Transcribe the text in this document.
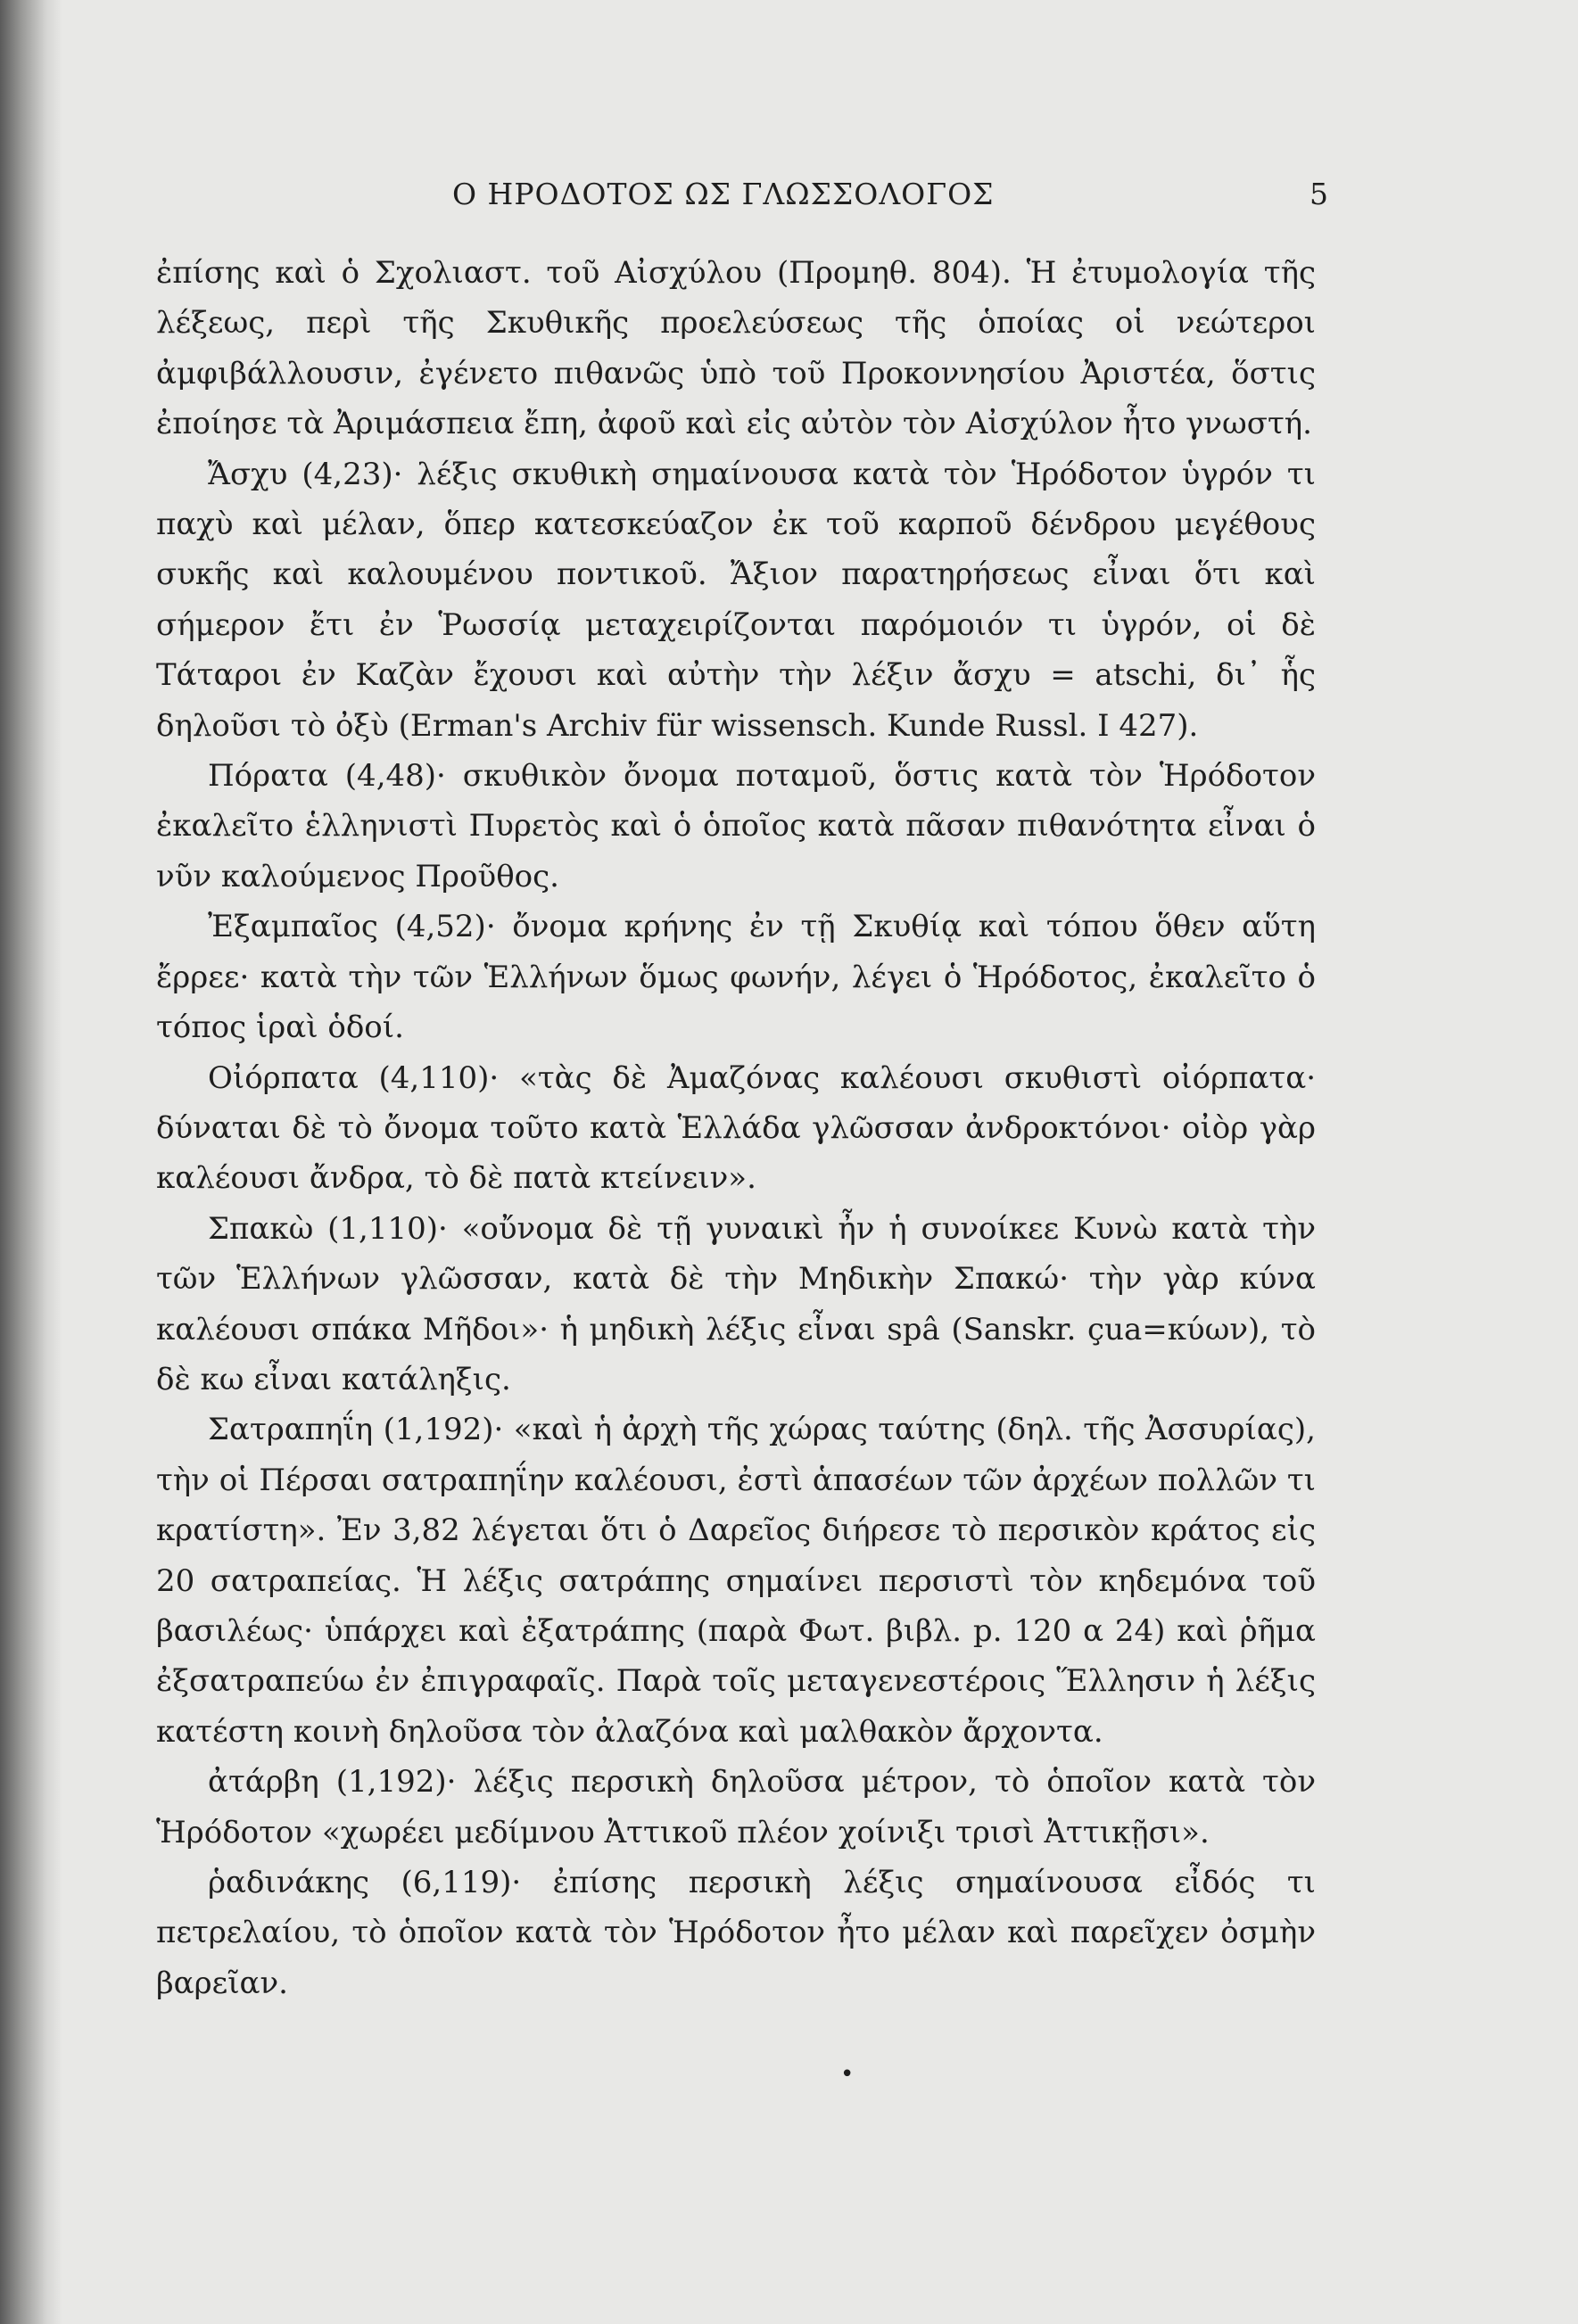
Ο ΗΡΟΔΟΤΟΣ ΩΣ ΓΛΩΣΣΟΛΟΓΟΣ	5

ἐπίσης καὶ ὁ Σχολιαστ. τοῦ Αἰσχύλου (Προμηθ. 804). Ἡ ἐτυμολογία τῆς λέξεως, περὶ τῆς Σκυθικῆς προελεύσεως τῆς ὁποίας οἱ νεώτεροι ἀμφιβάλλουσιν, ἐγένετο πιθανῶς ὑπὸ τοῦ Προκοννησίου Ἀριστέα, ὅστις ἐποίησε τὰ Ἀριμάσπεια ἔπη, ἀφοῦ καὶ εἰς αὐτὸν τὸν Αἰσχύλον ἦτο γνωστή.

Ἄσχυ (4,23)· λέξις σκυθικὴ σημαίνουσα κατὰ τὸν Ἡρόδοτον ὑγρόν τι παχὺ καὶ μέλαν, ὅπερ κατεσκεύαζον ἐκ τοῦ καρποῦ δένδρου μεγέθους συκῆς καὶ καλουμένου ποντικοῦ. Ἄξιον παρατηρήσεως εἶναι ὅτι καὶ σήμερον ἔτι ἐν Ῥωσσίᾳ μεταχειρίζονται παρόμοιόν τι ὑγρόν, οἱ δὲ Τάταροι ἐν Καζὰν ἔχουσι καὶ αὐτὴν τὴν λέξιν ἄσχυ = atschi, δι᾽ ἧς δηλοῦσι τὸ ὀξὺ (Erman's Archiv für wissensch. Kunde Russl. I 427).

Πόρατα (4,48)· σκυθικὸν ὄνομα ποταμοῦ, ὅστις κατὰ τὸν Ἡρόδοτον ἐκαλεῖτο ἑλληνιστὶ Πυρετὸς καὶ ὁ ὁποῖος κατὰ πᾶσαν πιθανότητα εἶναι ὁ νῦν καλούμενος Προῦθος.

Ἐξαμπαῖος (4,52)· ὄνομα κρήνης ἐν τῇ Σκυθίᾳ καὶ τόπου ὅθεν αὕτη ἔρρεε· κατὰ τὴν τῶν Ἑλλήνων ὅμως φωνήν, λέγει ὁ Ἡρόδοτος, ἐκαλεῖτο ὁ τόπος ἱραὶ ὁδοί.

Οἰόρπατα (4,110)· «τὰς δὲ Ἀμαζόνας καλέουσι σκυθιστὶ οἰόρπατα· δύναται δὲ τὸ ὄνομα τοῦτο κατὰ Ἑλλάδα γλῶσσαν ἀνδροκτόνοι· οἰὸρ γὰρ καλέουσι ἄνδρα, τὸ δὲ πατὰ κτείνειν».

Σπακὼ (1,110)· «οὔνομα δὲ τῇ γυναικὶ ἦν ἡ συνοίκεε Κυνὼ κατὰ τὴν τῶν Ἑλλήνων γλῶσσαν, κατὰ δὲ τὴν Μηδικὴν Σπακώ· τὴν γὰρ κύνα καλέουσι σπάκα Μῆδοι»· ἡ μηδικὴ λέξις εἶναι spâ (Sanskr. çua=κύων), τὸ δὲ κω εἶναι κατάληξις.

Σατραπηΐη (1,192)· «καὶ ἡ ἀρχὴ τῆς χώρας ταύτης (δηλ. τῆς Ἀσσυρίας), τὴν οἱ Πέρσαι σατραπηΐην καλέουσι, ἐστὶ ἁπασέων τῶν ἀρχέων πολλῶν τι κρατίστη». Ἐν 3,82 λέγεται ὅτι ὁ Δαρεῖος διήρεσε τὸ περσικὸν κράτος εἰς 20 σατραπείας. Ἡ λέξις σατράπης σημαίνει περσιστὶ τὸν κηδεμόνα τοῦ βασιλέως· ὑπάρχει καὶ ἐξατράπης (παρὰ Φωτ. βιβλ. p. 120 α 24) καὶ ῥῆμα ἐξσατραπεύω ἐν ἐπιγραφαῖς. Παρὰ τοῖς μεταγενεστέροις Ἕλλησιν ἡ λέξις κατέστη κοινὴ δηλοῦσα τὸν ἀλαζόνα καὶ μαλθακὸν ἄρχοντα.

ἀτάρβη (1,192)· λέξις περσικὴ δηλοῦσα μέτρον, τὸ ὁποῖον κατὰ τὸν Ἡρόδοτον «χωρέει μεδίμνου Ἀττικοῦ πλέον χοίνιξι τρισὶ Ἀττικῇσι».

ῥαδινάκης (6,119)· ἐπίσης περσικὴ λέξις σημαίνουσα εἶδός τι πετρελαίου, τὸ ὁποῖον κατὰ τὸν Ἡρόδοτον ἦτο μέλαν καὶ παρεῖχεν ὀσμὴν βαρεῖαν.

•
